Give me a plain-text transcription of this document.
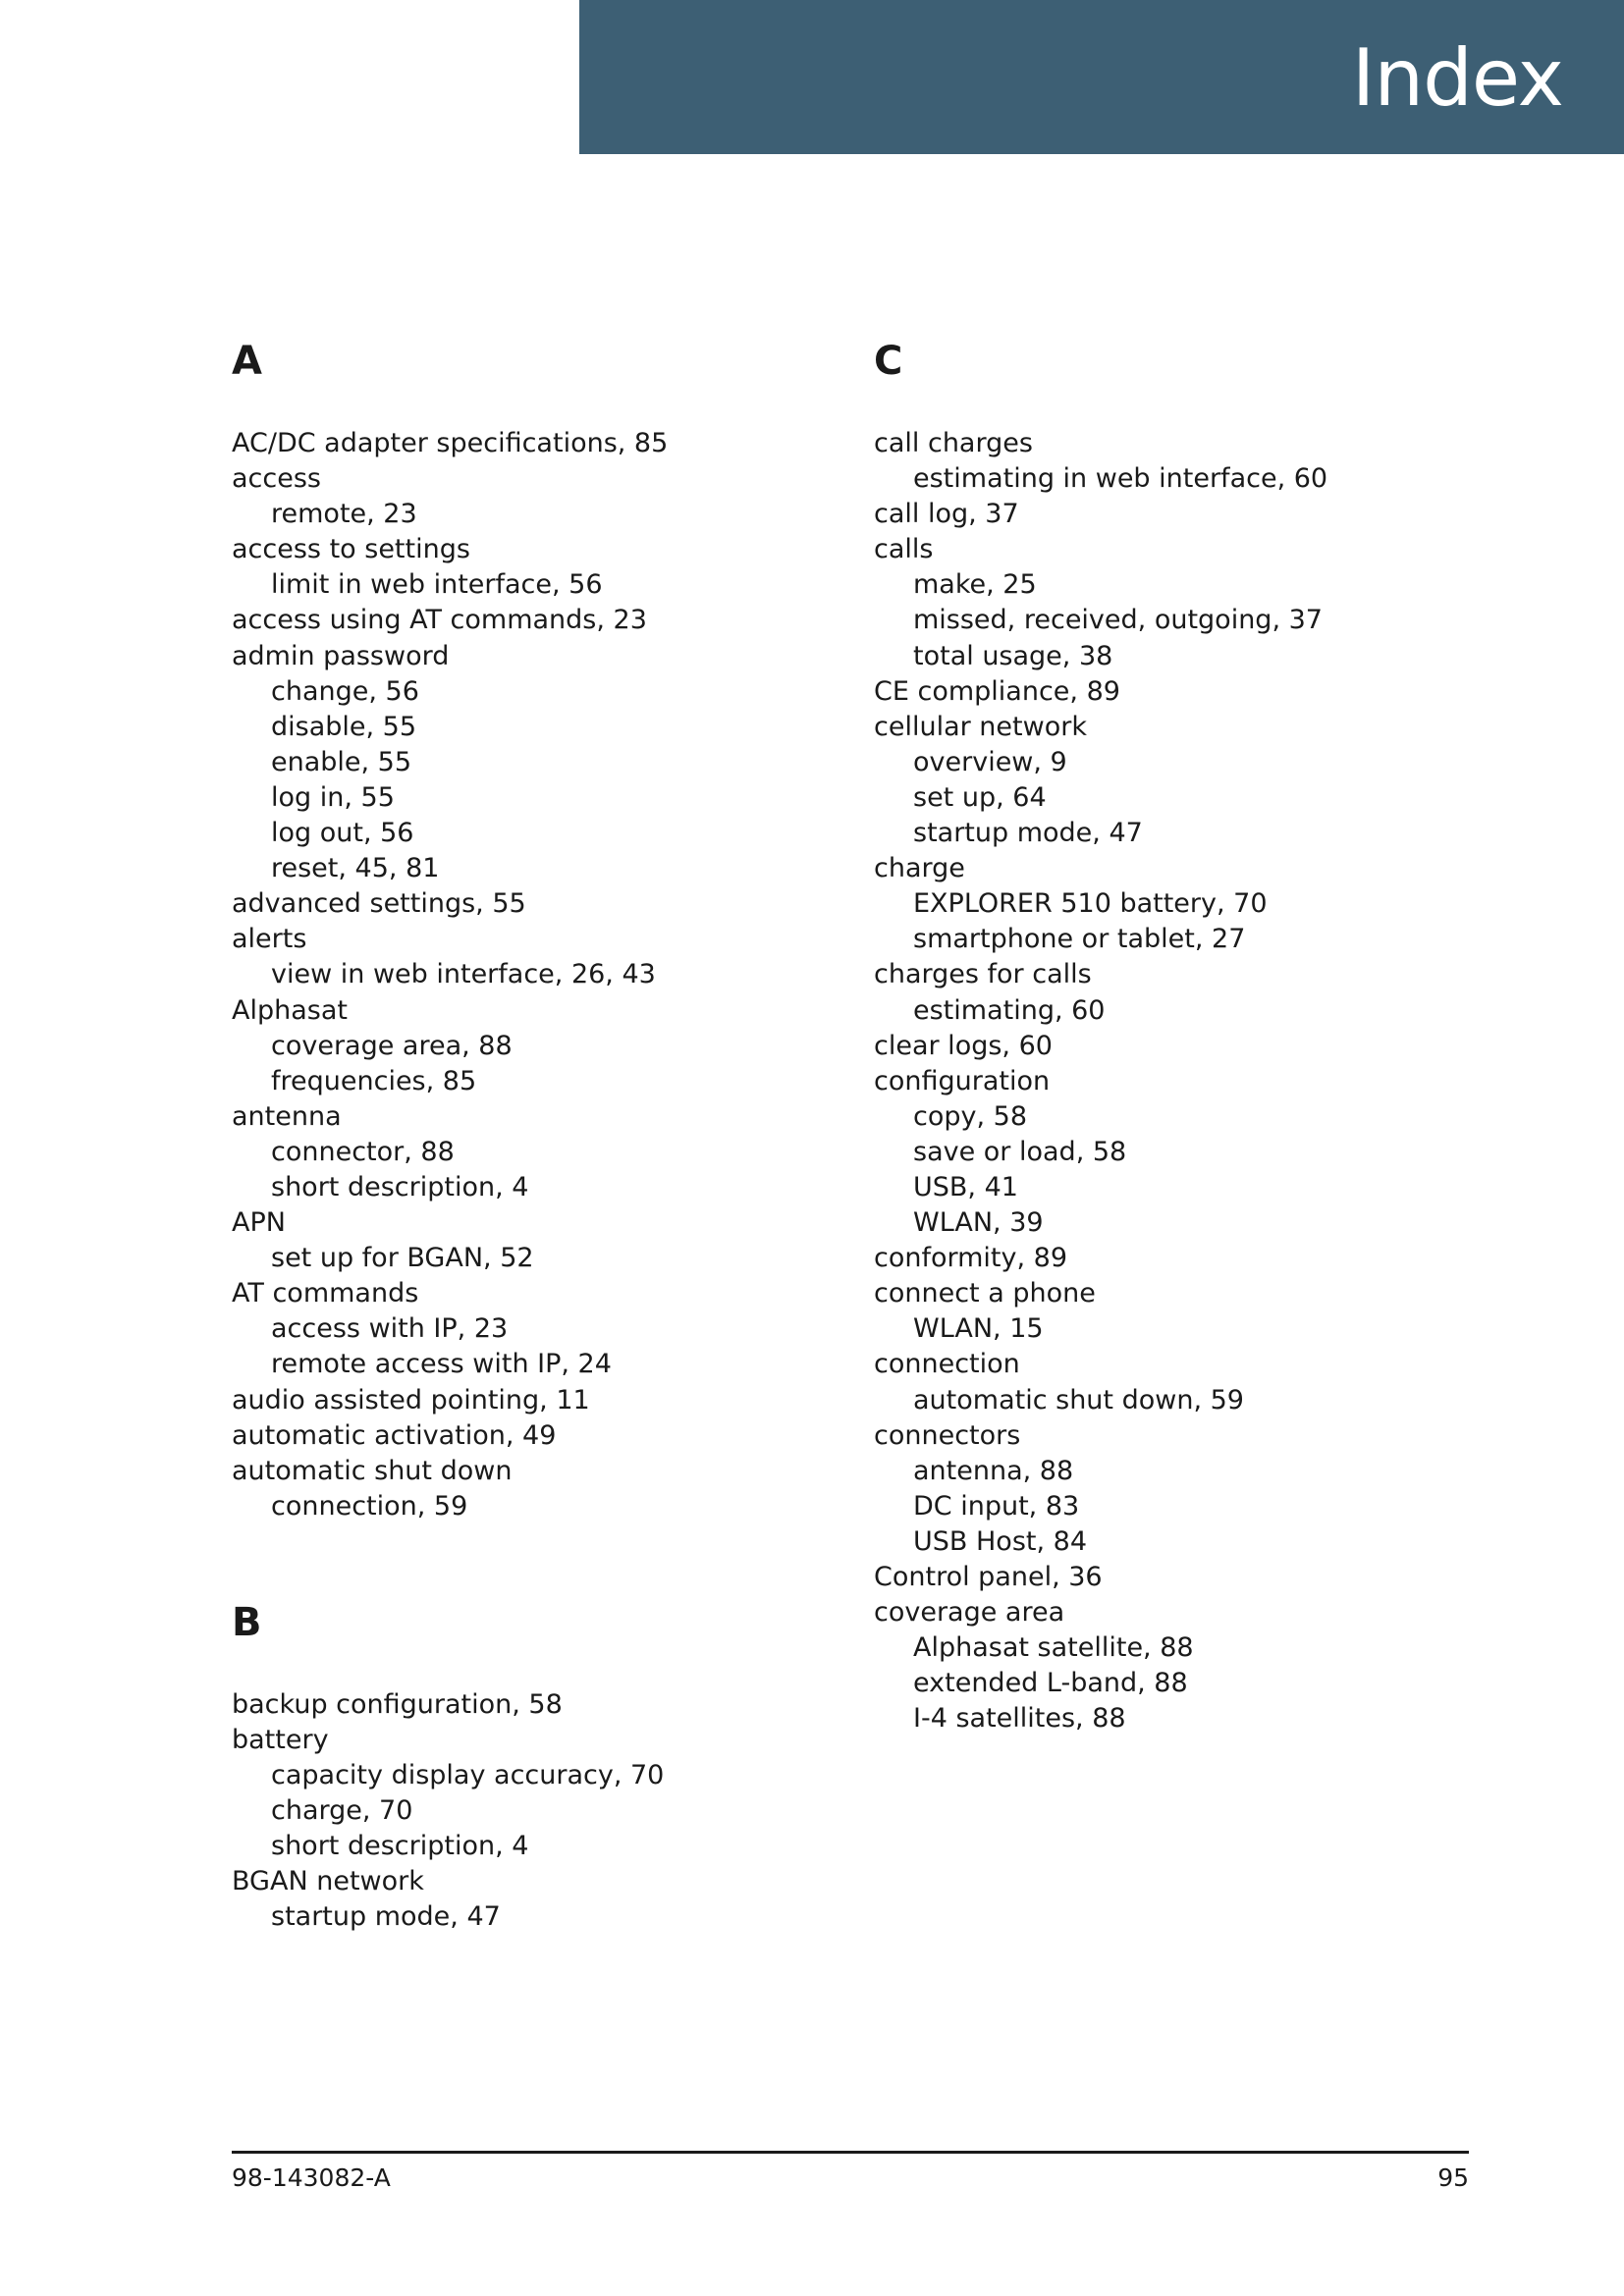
Index
A
AC/DC adapter specifications, 85
access
remote, 23
access to settings
limit in web interface, 56
access using AT commands, 23
admin password
change, 56
disable, 55
enable, 55
log in, 55
log out, 56
reset, 45, 81
advanced settings, 55
alerts
view in web interface, 26, 43
Alphasat
coverage area, 88
frequencies, 85
antenna
connector, 88
short description, 4
APN
set up for BGAN, 52
AT commands
access with IP, 23
remote access with IP, 24
audio assisted pointing, 11
automatic activation, 49
automatic shut down
connection, 59
B
backup configuration, 58
battery
capacity display accuracy, 70
charge, 70
short description, 4
BGAN network
startup mode, 47
C
call charges
estimating in web interface, 60
call log, 37
calls
make, 25
missed, received, outgoing, 37
total usage, 38
CE compliance, 89
cellular network
overview, 9
set up, 64
startup mode, 47
charge
EXPLORER 510 battery, 70
smartphone or tablet, 27
charges for calls
estimating, 60
clear logs, 60
configuration
copy, 58
save or load, 58
USB, 41
WLAN, 39
conformity, 89
connect a phone
WLAN, 15
connection
automatic shut down, 59
connectors
antenna, 88
DC input, 83
USB Host, 84
Control panel, 36
coverage area
Alphasat satellite, 88
extended L-band, 88
I-4 satellites, 88
98-143082-A	95
